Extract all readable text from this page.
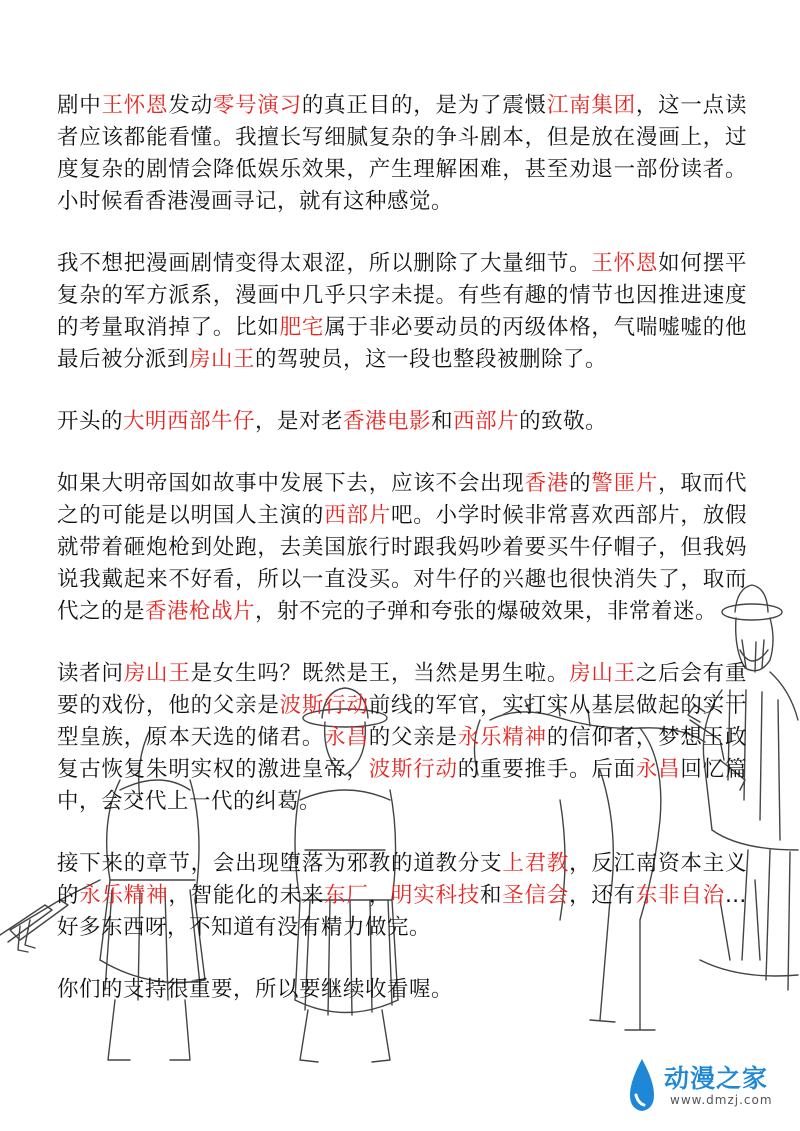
剧中王怀恩发动零号演习的真正目的，是为了震慑江南集团，这一点读者应该都能看懂。我擅长写细腻复杂的争斗剧本，但是放在漫画上，过度复杂的剧情会降低娱乐效果，产生理解困难，甚至劝退一部份读者。小时候看香港漫画寻记，就有这种感觉。

我不想把漫画剧情变得太艰涩，所以删除了大量细节。王怀恩如何摆平复杂的军方派系，漫画中几乎只字未提。有些有趣的情节也因推进速度的考量取消掉了。比如肥宅属于非必要动员的丙级体格，气喘嘘嘘的他最后被分派到房山王的驾驶员，这一段也整段被删除了。

开头的大明西部牛仔，是对老香港电影和西部片的致敬。

如果大明帝国如故事中发展下去，应该不会出现香港的警匪片，取而代之的可能是以明国人主演的西部片吧。小学时候非常喜欢西部片，放假就带着砸炮枪到处跑，去美国旅行时跟我妈吵着要买牛仔帽子，但我妈说我戴起来不好看，所以一直没买。对牛仔的兴趣也很快消失了，取而代之的是香港枪战片，射不完的子弹和夸张的爆破效果，非常着迷。

读者问房山王是女生吗？既然是王，当然是男生啦。房山王之后会有重要的戏份，他的父亲是波斯行动前线的军官，实打实从基层做起的实干型皇族，原本天选的储君。永昌的父亲是永乐精神的信仰者，梦想王政复古恢复朱明实权的激进皇帝，波斯行动的重要推手。后面永昌回忆篇中，会交代上一代的纠葛。

接下来的章节，会出现堕落为邪教的道教分支上君教，反江南资本主义的永乐精神，智能化的未来东厂，明实科技和圣信会，还有东非自治…好多东西呀，不知道有没有精力做完。

你们的支持很重要，所以要继续收看喔。

动漫之家
www.dmzj.com
